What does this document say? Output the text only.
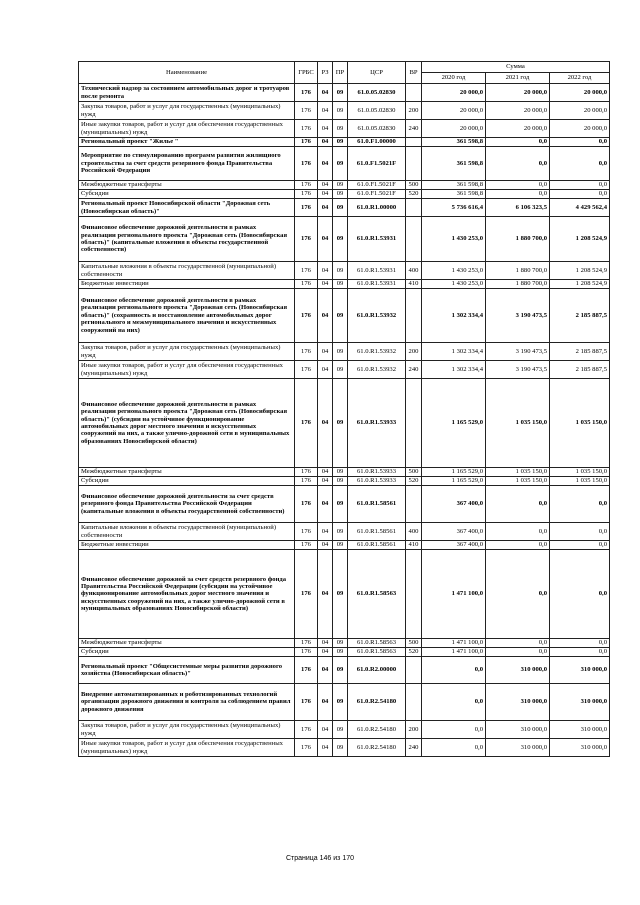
Наименование	ГРБС	РЗ	ПР	ЦСР	ВР	Сумма		
						2020 год	2021 год	2022 год
Технический надзор за состоянием автомобильных дорог и тротуаров после ремонта	176	04	09	61.0.05.02830		20 000,0	20 000,0	20 000,0
Закупка товаров, работ и услуг для государственных (муниципальных) нужд	176	04	09	61.0.05.02830	200	20 000,0	20 000,0	20 000,0
Иные закупки товаров, работ и услуг для обеспечения государственных (муниципальных) нужд	176	04	09	61.0.05.02830	240	20 000,0	20 000,0	20 000,0
Региональный проект "Жилье "	176	04	09	61.0.F1.00000		361 598,8	0,0	0,0
Мероприятие по стимулированию программ развития жилищного строительства за счет средств резервного фонда Правительства Российской Федерации	176	04	09	61.0.F1.5021F		361 598,8	0,0	0,0
Межбюджетные трансферты	176	04	09	61.0.F1.5021F	500	361 598,8	0,0	0,0
Субсидии	176	04	09	61.0.F1.5021F	520	361 598,8	0,0	0,0
Региональный проект Новосибирской области "Дорожная сеть (Новосибирская область)"	176	04	09	61.0.R1.00000		5 736 616,4	6 106 323,5	4 429 562,4
Финансовое обеспечение дорожной деятельности в рамках реализации регионального проекта "Дорожная сеть (Новосибирская область)" (капитальные вложения в объекты государственной собственности)	176	04	09	61.0.R1.53931		1 430 253,0	1 880 700,0	1 208 524,9
Капитальные вложения в объекты государственной (муниципальной) собственности	176	04	09	61.0.R1.53931	400	1 430 253,0	1 880 700,0	1 208 524,9
Бюджетные инвестиции	176	04	09	61.0.R1.53931	410	1 430 253,0	1 880 700,0	1 208 524,9
Финансовое обеспечение дорожной деятельности в рамках реализации регионального проекта "Дорожная сеть (Новосибирская область)" (сохранность и восстановление автомобильных дорог регионального и межмуниципального значения и искусственных сооружений на них)	176	04	09	61.0.R1.53932		1 302 334,4	3 190 473,5	2 185 887,5
Закупка товаров, работ и услуг для государственных (муниципальных) нужд	176	04	09	61.0.R1.53932	200	1 302 334,4	3 190 473,5	2 185 887,5
Иные закупки товаров, работ и услуг для обеспечения государственных (муниципальных) нужд	176	04	09	61.0.R1.53932	240	1 302 334,4	3 190 473,5	2 185 887,5
Финансовое обеспечение дорожной деятельности в рамках реализации регионального проекта "Дорожная сеть (Новосибирская область)" (субсидии на устойчивое функционирование автомобильных дорог местного значения и искусственных сооружений на них, а также улично-дорожной сети в муниципальных образованиях Новосибирской области)	176	04	09	61.0.R1.53933		1 165 529,0	1 035 150,0	1 035 150,0
Межбюджетные трансферты	176	04	09	61.0.R1.53933	500	1 165 529,0	1 035 150,0	1 035 150,0
Субсидии	176	04	09	61.0.R1.53933	520	1 165 529,0	1 035 150,0	1 035 150,0
Финансовое обеспечение дорожной деятельности за счет средств резервного фонда Правительства Российской Федерации (капитальные вложения в объекты государственной собственности)	176	04	09	61.0.R1.58561		367 400,0	0,0	0,0
Капитальные вложения в объекты государственной (муниципальной) собственности	176	04	09	61.0.R1.58561	400	367 400,0	0,0	0,0
Бюджетные инвестиции	176	04	09	61.0.R1.58561	410	367 400,0	0,0	0,0
Финансовое обеспечение дорожной за счет средств резервного фонда Правительства Российской Федерации (субсидии на устойчивое функционирование автомобильных дорог местного значения и искусственных сооружений на них, а также улично-дорожной сети в муниципальных образованиях Новосибирской области)	176	04	09	61.0.R1.58563		1 471 100,0	0,0	0,0
Межбюджетные трансферты	176	04	09	61.0.R1.58563	500	1 471 100,0	0,0	0,0
Субсидии	176	04	09	61.0.R1.58563	520	1 471 100,0	0,0	0,0
Региональный проект "Общесистемные меры развития дорожного хозяйства (Новосибирская область)"	176	04	09	61.0.R2.00000		0,0	310 000,0	310 000,0
Внедрение автоматизированных и роботизированных технологий организации дорожного движения и контроля за соблюдением правил дорожного движения	176	04	09	61.0.R2.54180		0,0	310 000,0	310 000,0
Закупка товаров, работ и услуг для государственных (муниципальных) нужд	176	04	09	61.0.R2.54180	200	0,0	310 000,0	310 000,0
Иные закупки товаров, работ и услуг для обеспечения государственных (муниципальных) нужд	176	04	09	61.0.R2.54180	240	0,0	310 000,0	310 000,0
Страница 146 из 170
